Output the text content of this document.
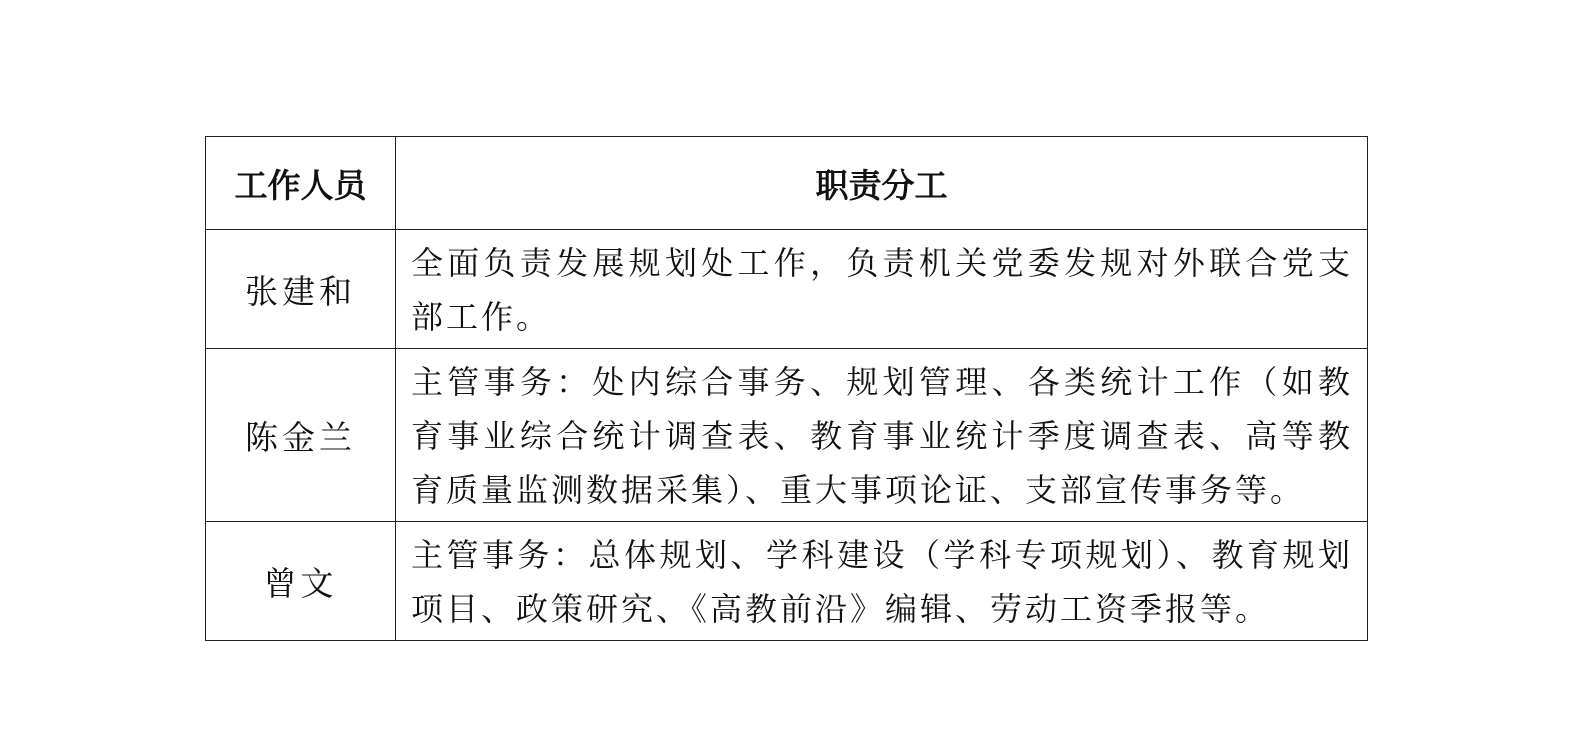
工作人员	职责分工
张建和	全面负责发展规划处工作，负责机关党委发规对外联合党支部工作。
陈金兰	主管事务：处内综合事务、规划管理、各类统计工作（如教育事业综合统计调查表、教育事业统计季度调查表、高等教育质量监测数据采集）、重大事项论证、支部宣传事务等。
曾文	主管事务：总体规划、学科建设（学科专项规划）、教育规划项目、政策研究、《高教前沿》编辑、劳动工资季报等。
